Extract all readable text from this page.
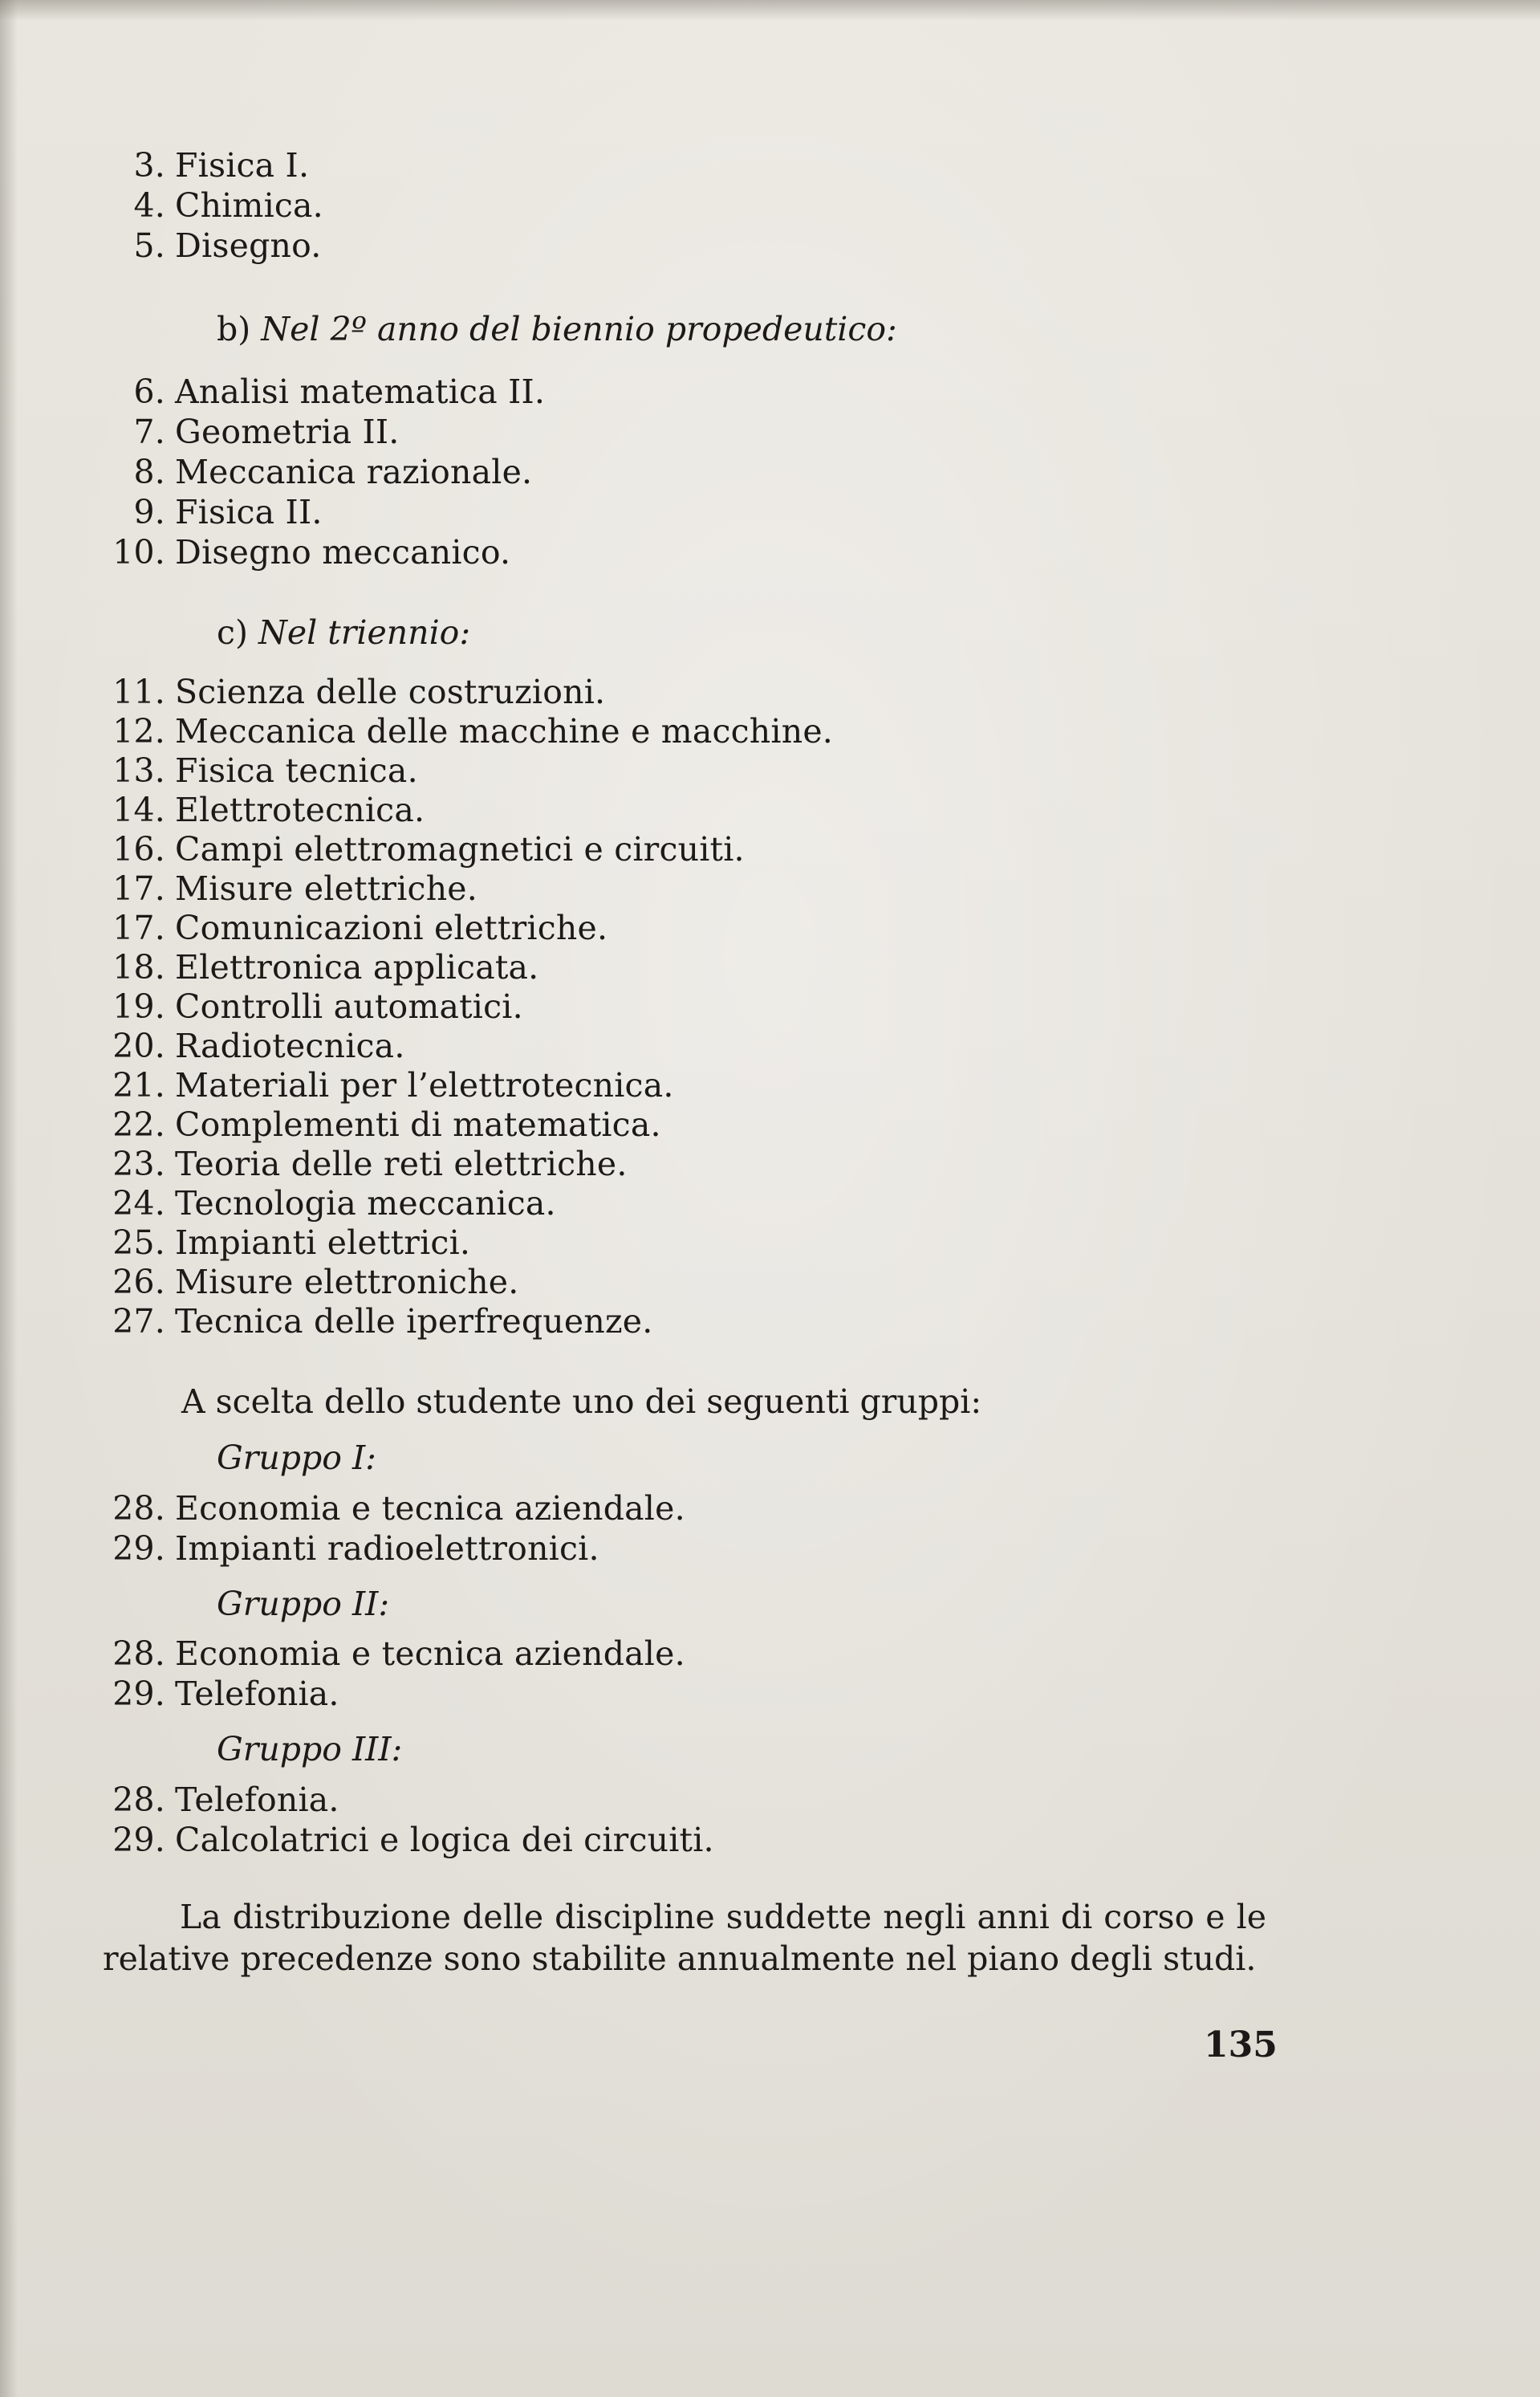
3. Fisica I.
4. Chimica.
5. Disegno.
b) Nel 2º anno del biennio propedeutico:
6. Analisi matematica II.
7. Geometria II.
8. Meccanica razionale.
9. Fisica II.
10. Disegno meccanico.
c) Nel triennio:
11. Scienza delle costruzioni.
12. Meccanica delle macchine e macchine.
13. Fisica tecnica.
14. Elettrotecnica.
16. Campi elettromagnetici e circuiti.
17. Misure elettriche.
17. Comunicazioni elettriche.
18. Elettronica applicata.
19. Controlli automatici.
20. Radiotecnica.
21. Materiali per l’elettrotecnica.
22. Complementi di matematica.
23. Teoria delle reti elettriche.
24. Tecnologia meccanica.
25. Impianti elettrici.
26. Misure elettroniche.
27. Tecnica delle iperfrequenze.
A scelta dello studente uno dei seguenti gruppi:
Gruppo I:
28. Economia e tecnica aziendale.
29. Impianti radioelettronici.
Gruppo II:
28. Economia e tecnica aziendale.
29. Telefonia.
Gruppo III:
28. Telefonia.
29. Calcolatrici e logica dei circuiti.
La distribuzione delle discipline suddette negli anni di corso e le relative precedenze sono stabilite annualmente nel piano degli studi.
135
